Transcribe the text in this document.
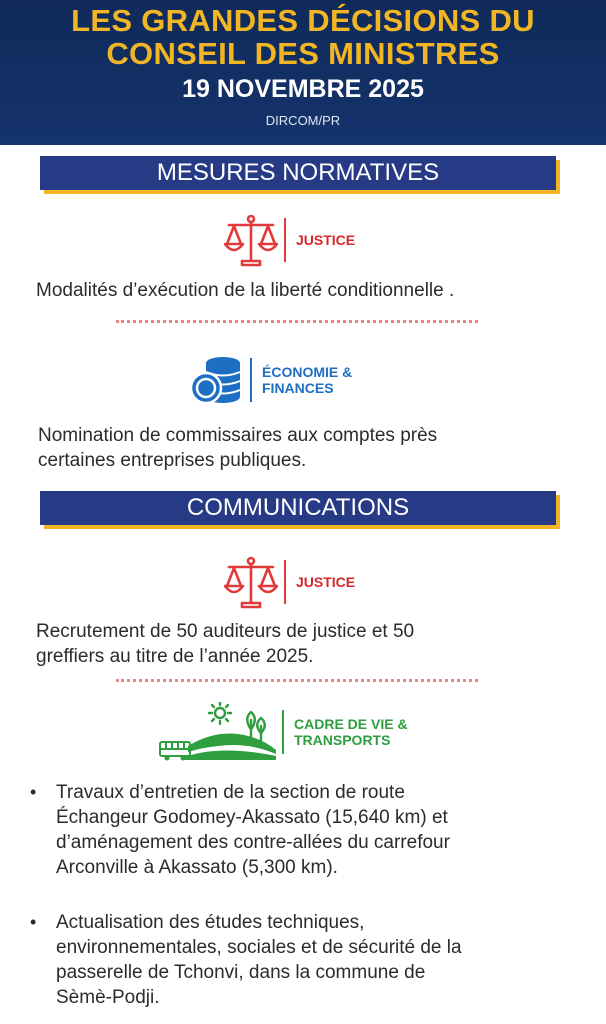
LES GRANDES DÉCISIONS DU
CONSEIL DES MINISTRES
19 NOVEMBRE 2025
DIRCOM/PR
MESURES NORMATIVES
JUSTICE
Modalités d’exécution de la liberté conditionnelle .
ÉCONOMIE &
FINANCES
Nomination de commissaires aux comptes près
certaines entreprises publiques.
COMMUNICATIONS
JUSTICE
Recrutement de 50 auditeurs de justice et 50
greffiers au titre de l’année 2025.
CADRE DE VIE &
TRANSPORTS
• Travaux d’entretien de la section de route
Échangeur Godomey-Akassato (15,640 km) et
d’aménagement des contre-allées du carrefour
Arconville à Akassato (5,300 km).
• Actualisation des études techniques,
environnementales, sociales et de sécurité de la
passerelle de Tchonvi, dans la commune de
Sèmè-Podji.
